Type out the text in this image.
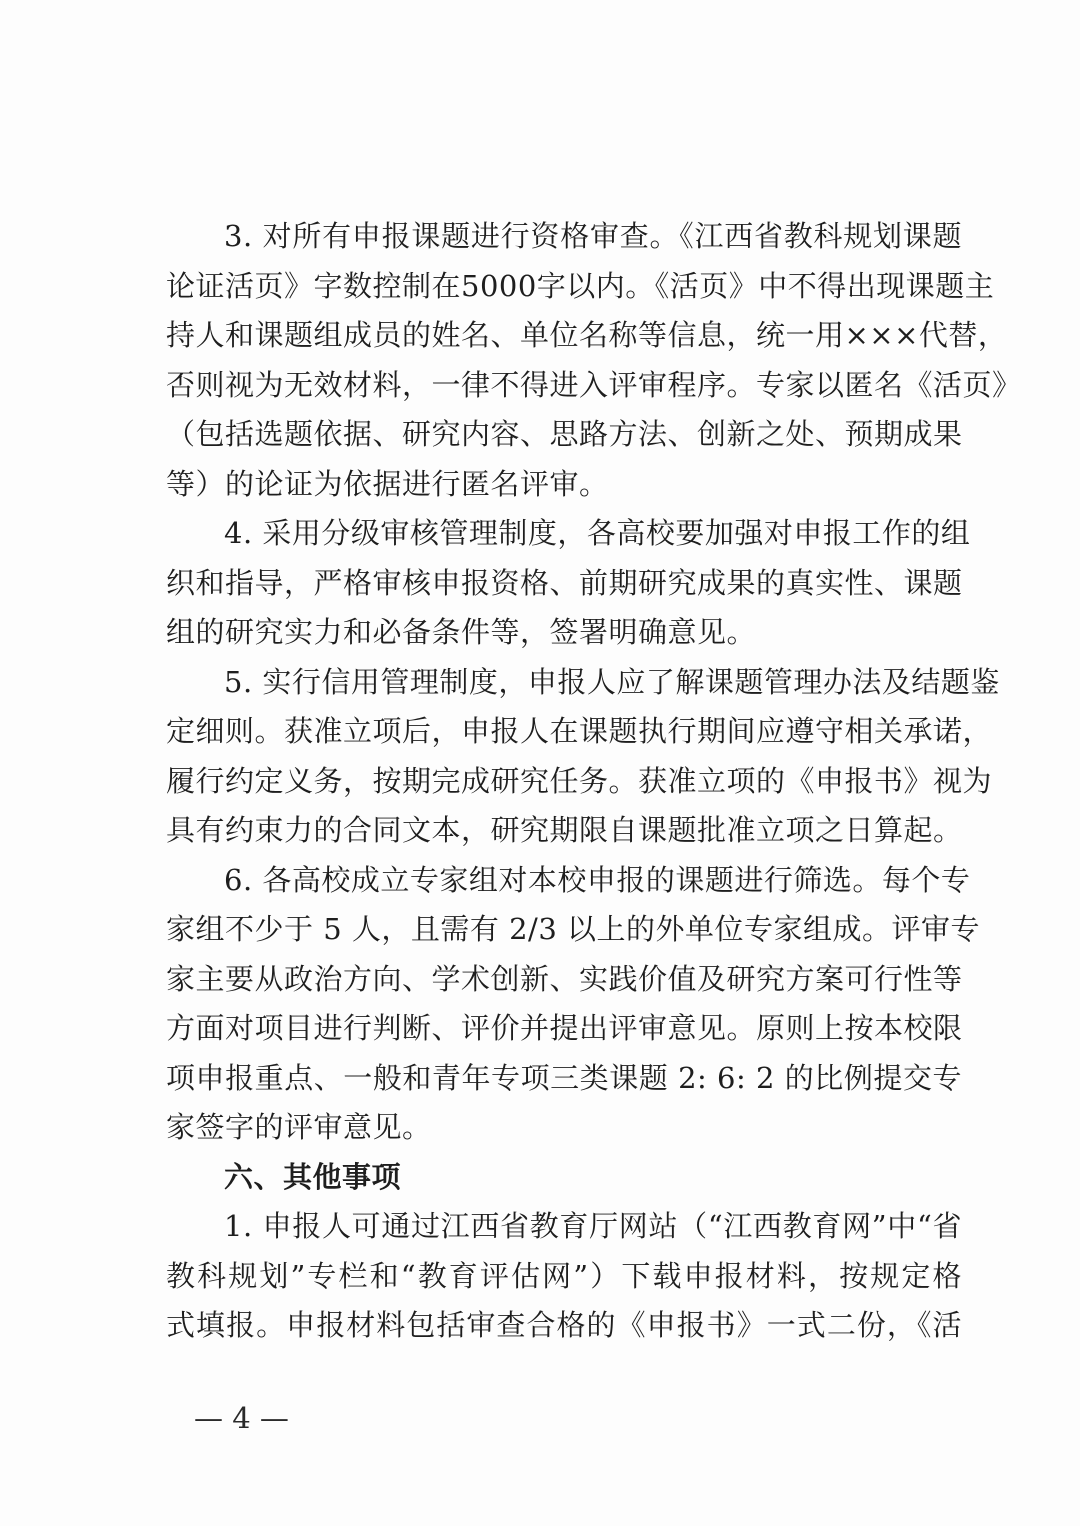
3. 对所有申报课题进行资格审查。《江西省教科规划课题
论证活页》字数控制在5000字以内。《活页》中不得出现课题主
持人和课题组成员的姓名、单位名称等信息，统一用×××代替，
否则视为无效材料，一律不得进入评审程序。专家以匿名《活页》
（包括选题依据、研究内容、思路方法、创新之处、预期成果
等）的论证为依据进行匿名评审。
4. 采用分级审核管理制度，各高校要加强对申报工作的组
织和指导，严格审核申报资格、前期研究成果的真实性、课题
组的研究实力和必备条件等，签署明确意见。
5. 实行信用管理制度，申报人应了解课题管理办法及结题鉴
定细则。获准立项后，申报人在课题执行期间应遵守相关承诺，
履行约定义务，按期完成研究任务。获准立项的《申报书》视为
具有约束力的合同文本，研究期限自课题批准立项之日算起。
6. 各高校成立专家组对本校申报的课题进行筛选。每个专
家组不少于 5 人，且需有 2/3 以上的外单位专家组成。评审专
家主要从政治方向、学术创新、实践价值及研究方案可行性等
方面对项目进行判断、评价并提出评审意见。原则上按本校限
项申报重点、一般和青年专项三类课题 2: 6: 2 的比例提交专
家签字的评审意见。
六、其他事项
1. 申报人可通过江西省教育厅网站（“江西教育网”中“省
教科规划”专栏和“教育评估网”）下载申报材料，按规定格
式填报。申报材料包括审查合格的《申报书》一式二份，《活
— 4 —
